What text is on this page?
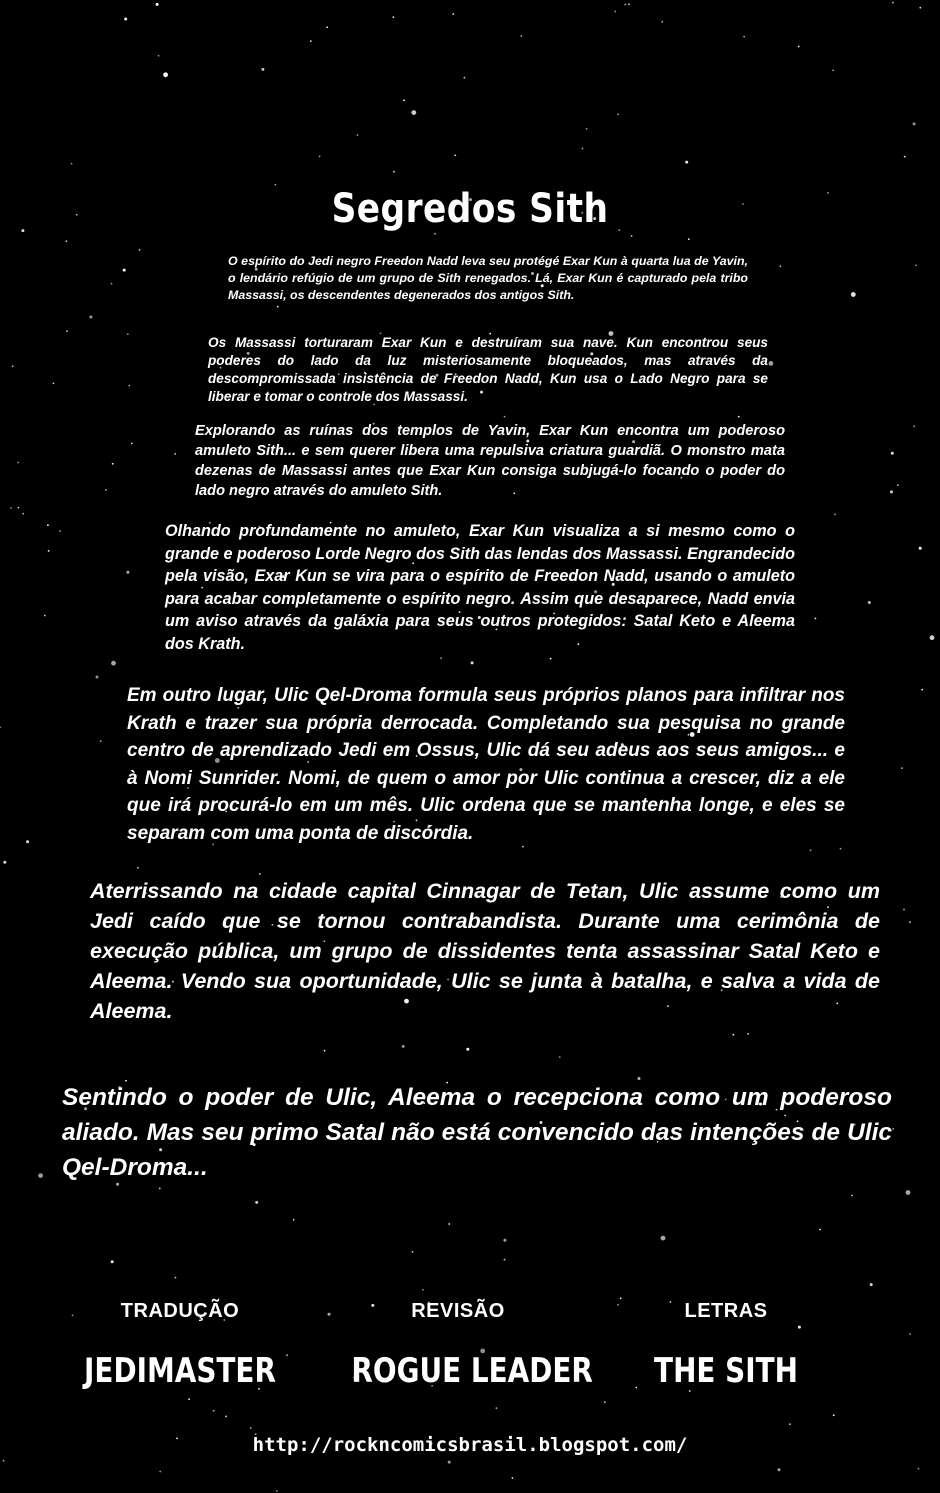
Segredos Sith

O espírito do Jedi negro Freedon Nadd leva seu protégé Exar Kun à quarta lua de Yavin, o lendário refúgio de um grupo de Sith renegados. Lá, Exar Kun é capturado pela tribo Massassi, os descendentes degenerados dos antigos Sith.

Os Massassi torturaram Exar Kun e destruíram sua nave. Kun encontrou seus poderes do lado da luz misteriosamente bloqueados, mas através da descompromissada insistência de Freedon Nadd, Kun usa o Lado Negro para se liberar e tomar o controle dos Massassi.

Explorando as ruínas dos templos de Yavin, Exar Kun encontra um poderoso amuleto Sith... e sem querer libera uma repulsiva criatura guardiã. O monstro mata dezenas de Massassi antes que Exar Kun consiga subjugá-lo focando o poder do lado negro através do amuleto Sith.

Olhando profundamente no amuleto, Exar Kun visualiza a si mesmo como o grande e poderoso Lorde Negro dos Sith das lendas dos Massassi. Engrandecido pela visão, Exar Kun se vira para o espírito de Freedon Nadd, usando o amuleto para acabar completamente o espírito negro. Assim que desaparece, Nadd envia um aviso através da galáxia para seus outros protegidos: Satal Keto e Aleema dos Krath.

Em outro lugar, Ulic Qel-Droma formula seus próprios planos para infiltrar nos Krath e trazer sua própria derrocada. Completando sua pesquisa no grande centro de aprendizado Jedi em Ossus, Ulic dá seu adeus aos seus amigos... e à Nomi Sunrider. Nomi, de quem o amor por Ulic continua a crescer, diz a ele que irá procurá-lo em um mês. Ulic ordena que se mantenha longe, e eles se separam com uma ponta de discórdia.

Aterrissando na cidade capital Cinnagar de Tetan, Ulic assume como um Jedi caído que se tornou contrabandista. Durante uma cerimônia de execução pública, um grupo de dissidentes tenta assassinar Satal Keto e Aleema. Vendo sua oportunidade, Ulic se junta à batalha, e salva a vida de Aleema.

Sentindo o poder de Ulic, Aleema o recepciona como um poderoso aliado. Mas seu primo Satal não está convencido das intenções de Ulic Qel-Droma...

TRADUÇÃO
JEDIMASTER
REVISÃO
ROGUE LEADER
LETRAS
THE SITH
http://rockncomicsbrasil.blogspot.com/
